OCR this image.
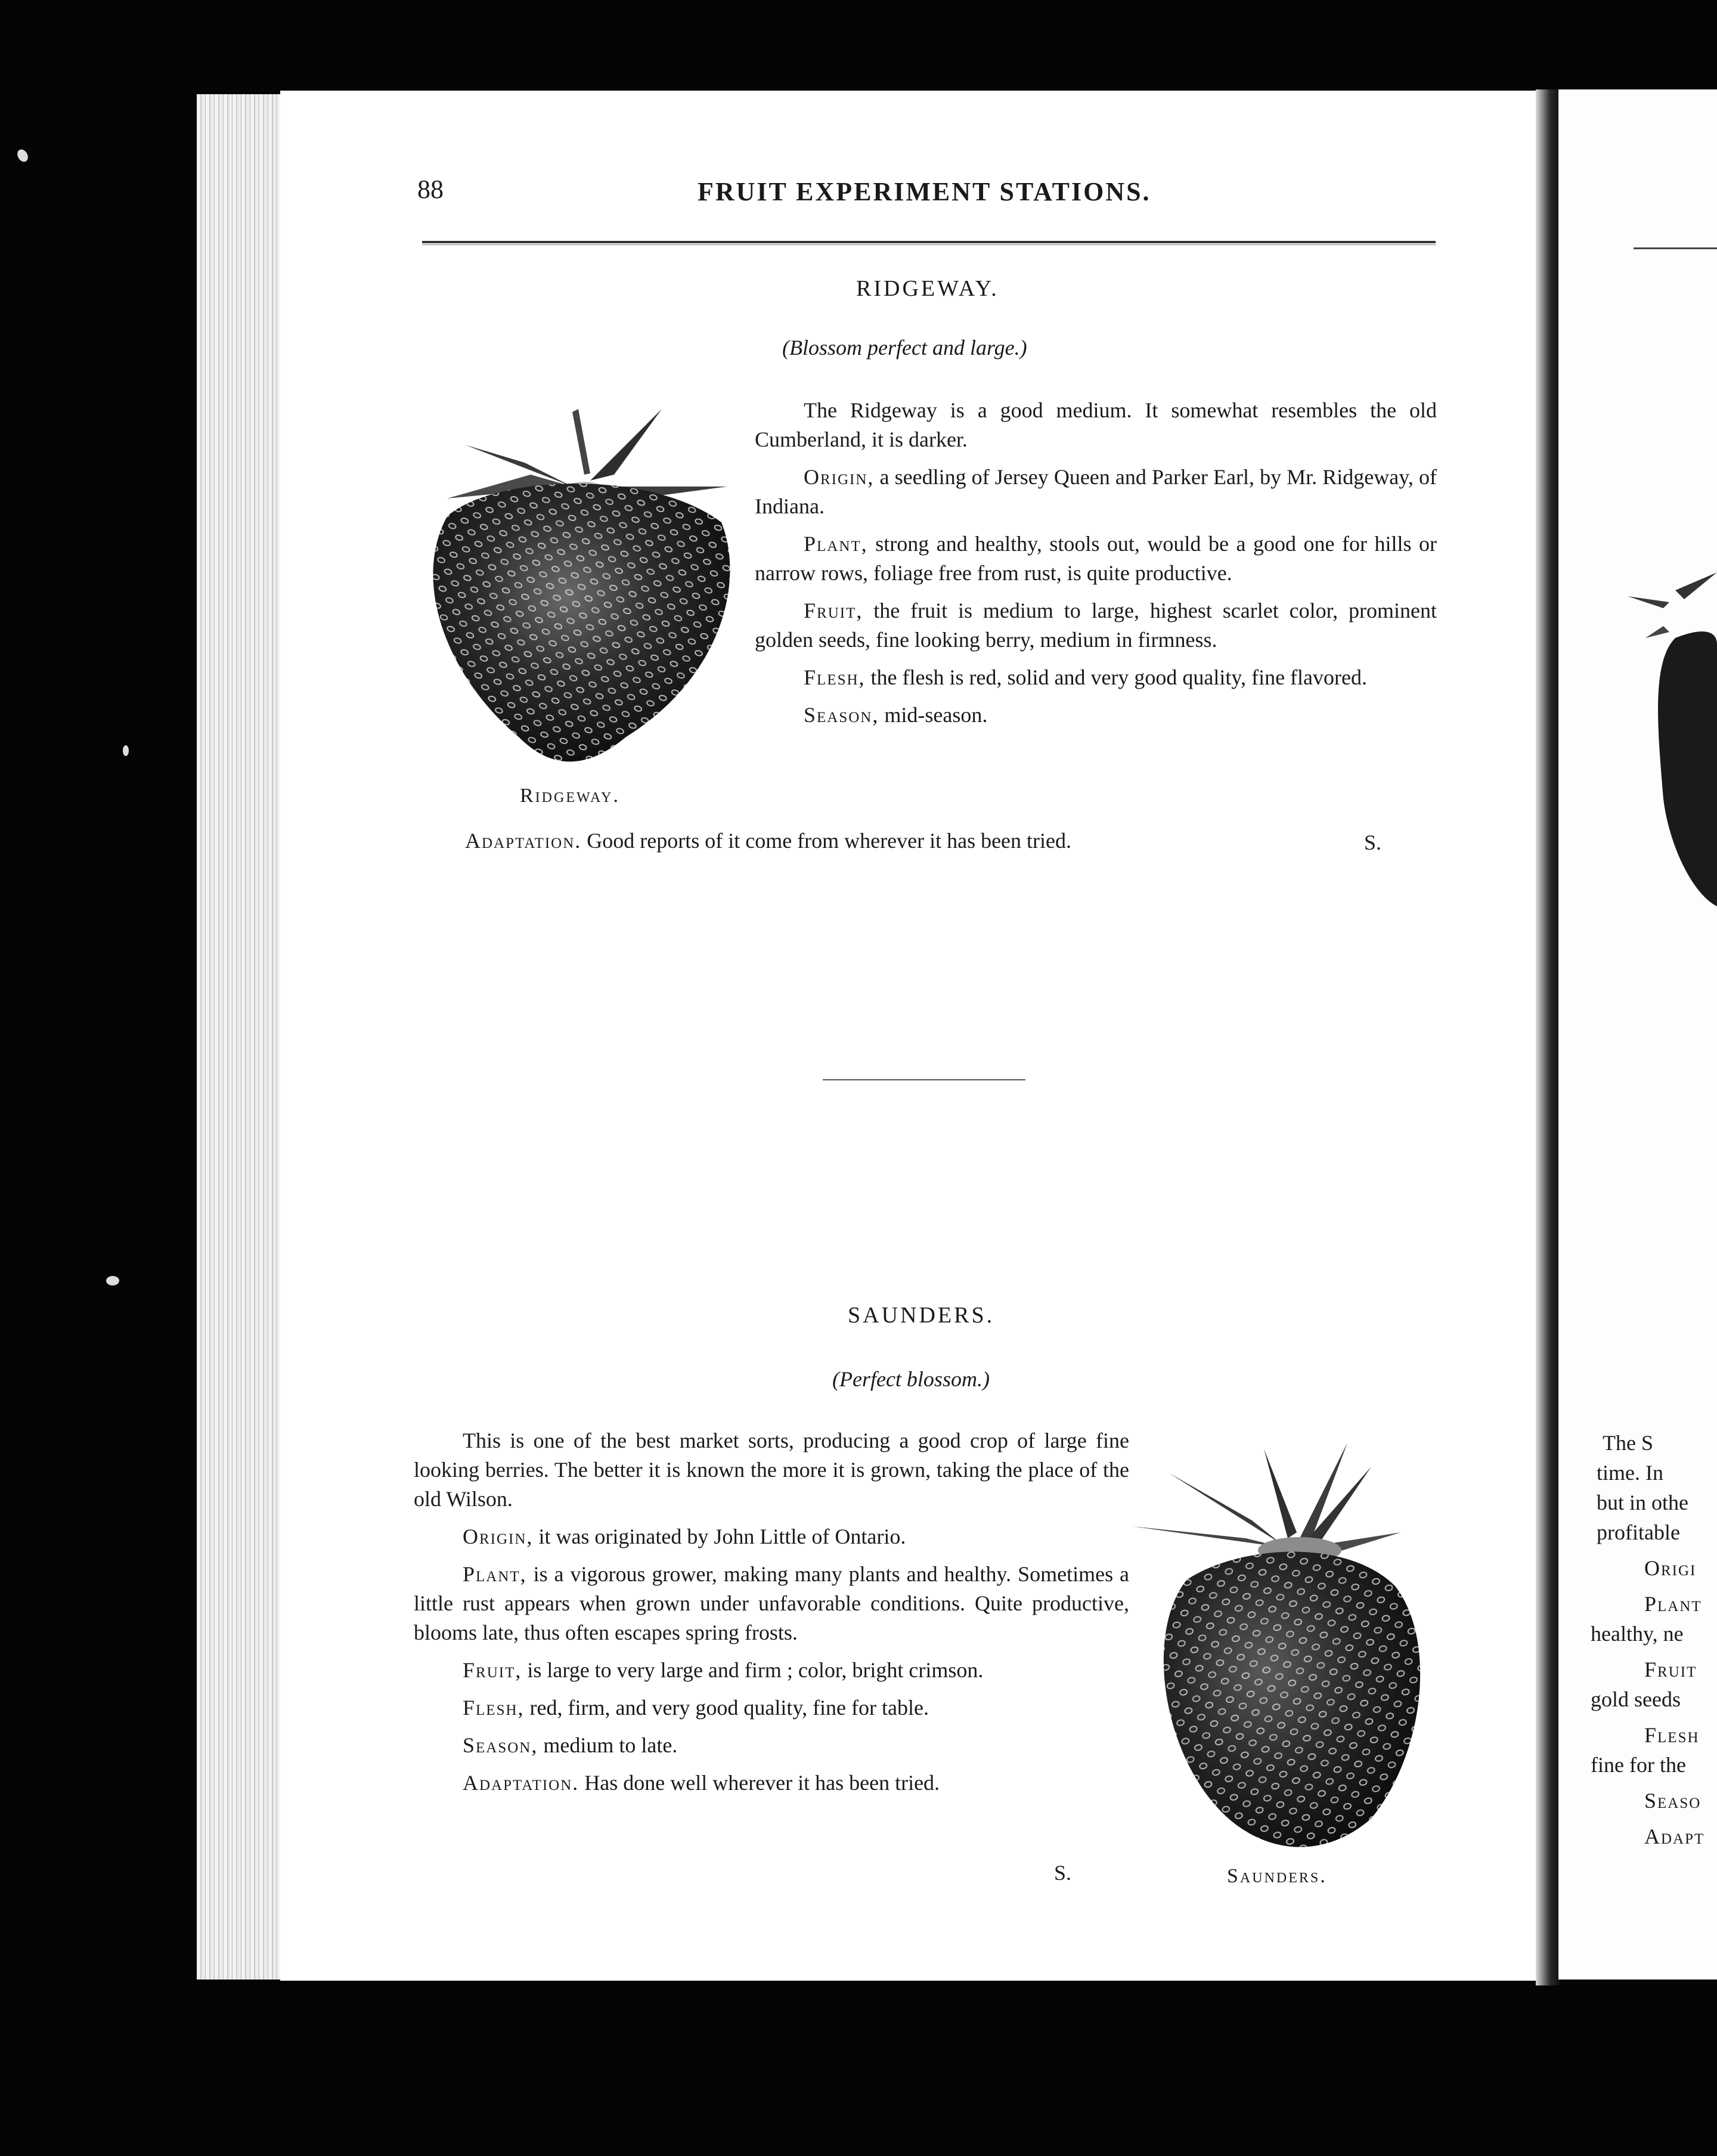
88	FRUIT EXPERIMENT STATIONS.
RIDGEWAY.
(Blossom perfect and large.)

The Ridgeway is a good medium. It somewhat resembles the old Cumberland, it is darker.

Origin, a seedling of Jersey Queen and Parker Earl, by Mr. Ridgeway, of Indiana.

Plant, strong and healthy, stools out, would be a good one for hills or narrow rows, foliage free from rust, is quite productive.

Fruit, the fruit is medium to large, highest scarlet color, prominent golden seeds, fine looking berry, medium in firmness.

Flesh, the flesh is red, solid and very good quality, fine flavored.

Season, mid-season.

Ridgeway.
Adaptation. Good reports of it come from wherever it has been tried.	S.
SAUNDERS.
(Perfect blossom.)

This is one of the best market sorts, producing a good crop of large fine looking berries. The better it is known the more it is grown, taking the place of the old Wilson.

Origin, it was originated by John Little of Ontario.

Plant, is a vigorous grower, making many plants and healthy. Sometimes a little rust appears when grown under unfavorable conditions. Quite productive, blooms late, thus often escapes spring frosts.

Fruit, is large to very large and firm ; color, bright crimson.

Flesh, red, firm, and very good quality, fine for table.

Season, medium to late.

Adaptation. Has done well wherever it has been tried.

S.	Saunders.
The S
time. In
but in othe
profitable
Origi
Plant
healthy, ne
Fruit
gold seeds
Flesh
fine for the
Seaso
Adapt
